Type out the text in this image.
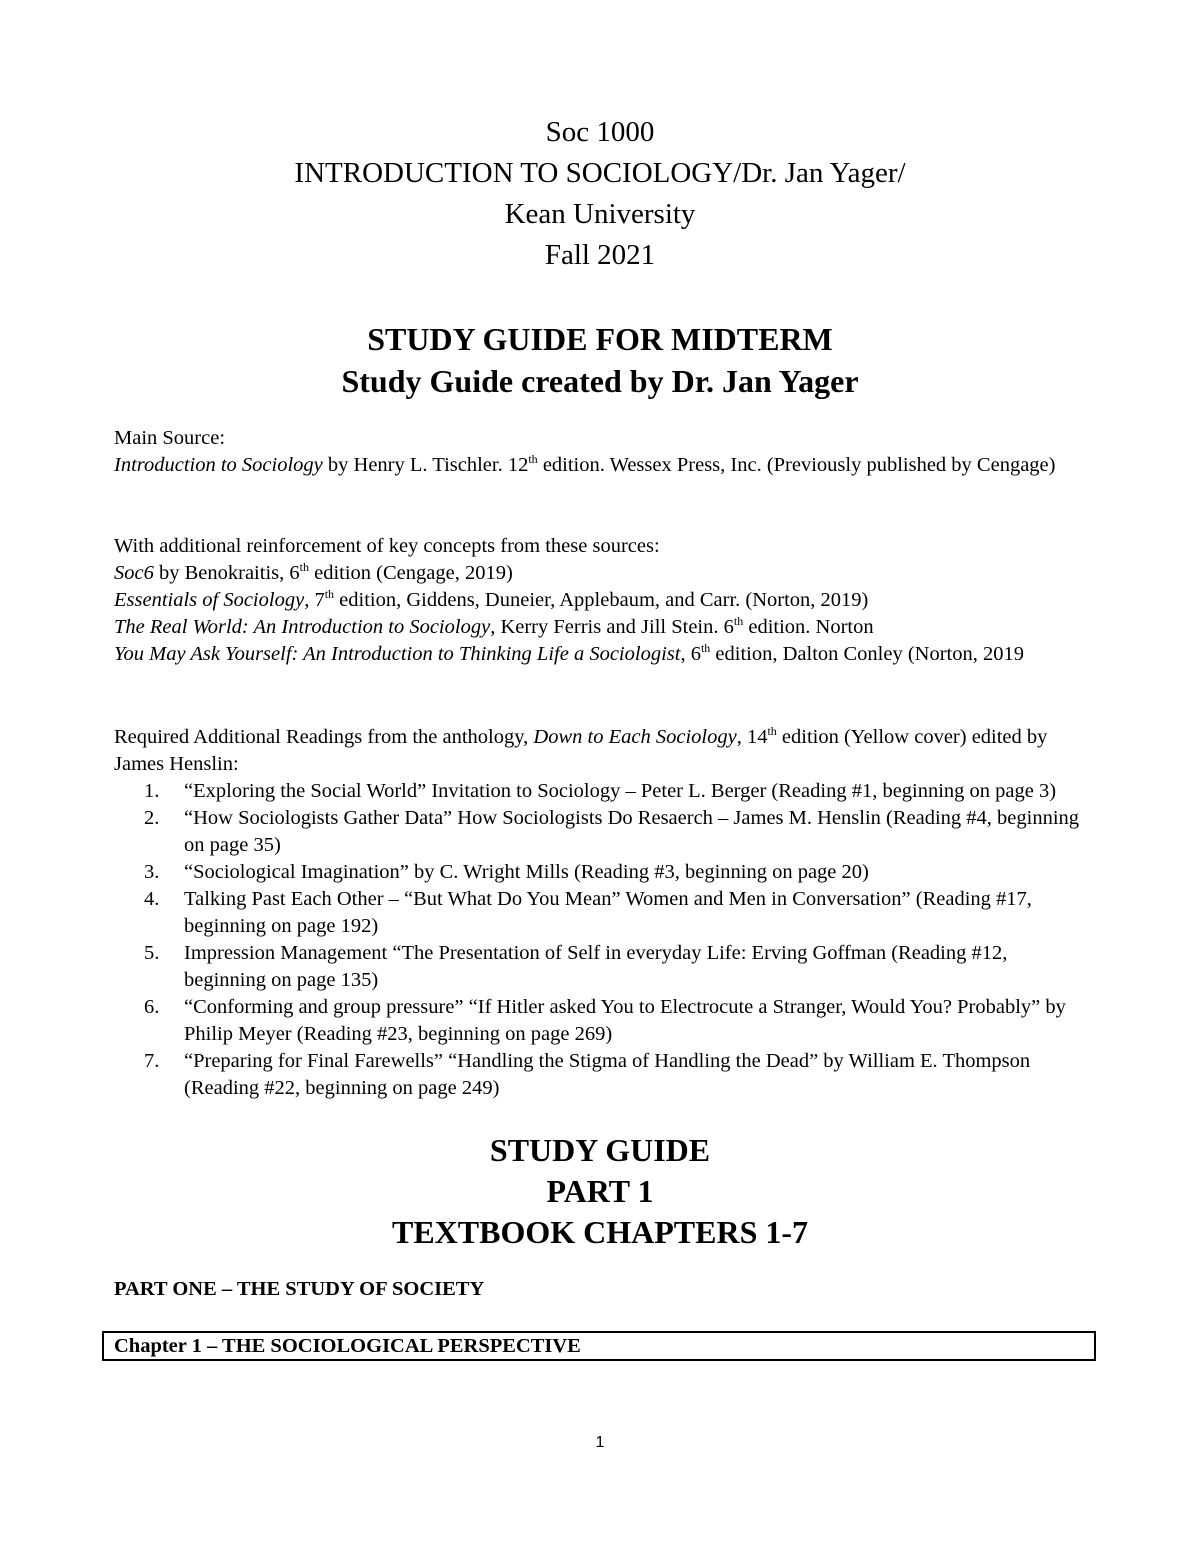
Soc 1000
INTRODUCTION TO SOCIOLOGY/Dr. Jan Yager/
Kean University
Fall 2021
STUDY GUIDE FOR MIDTERM
Study Guide created by Dr. Jan Yager

Main Source:

Introduction to Sociology by Henry L. Tischler. 12th edition. Wessex Press, Inc. (Previously published by Cengage)

With additional reinforcement of key concepts from these sources:

Soc6 by Benokraitis, 6th edition (Cengage, 2019)

Essentials of Sociology, 7th edition, Giddens, Duneier, Applebaum, and Carr. (Norton, 2019)

The Real World: An Introduction to Sociology, Kerry Ferris and Jill Stein. 6th edition. Norton

You May Ask Yourself: An Introduction to Thinking Life a Sociologist, 6th edition, Dalton Conley (Norton, 2019

Required Additional Readings from the anthology, Down to Each Sociology, 14th edition (Yellow cover) edited by James Henslin:

1. “Exploring the Social World” Invitation to Sociology – Peter L. Berger (Reading #1, beginning on page 3)
2. “How Sociologists Gather Data” How Sociologists Do Resaerch – James M. Henslin (Reading #4, beginning on page 35)
3. “Sociological Imagination” by C. Wright Mills (Reading #3, beginning on page 20)
4. Talking Past Each Other – “But What Do You Mean” Women and Men in Conversation” (Reading #17, beginning on page 192)
5. Impression Management “The Presentation of Self in everyday Life: Erving Goffman (Reading #12, beginning on page 135)
6. “Conforming and group pressure” “If Hitler asked You to Electrocute a Stranger, Would You? Probably” by Philip Meyer (Reading #23, beginning on page 269)
7. “Preparing for Final Farewells” “Handling the Stigma of Handling the Dead” by William E. Thompson (Reading #22, beginning on page 249)
STUDY GUIDE
PART 1
TEXTBOOK CHAPTERS 1-7
PART ONE – THE STUDY OF SOCIETY
Chapter 1 – THE SOCIOLOGICAL PERSPECTIVE
1
